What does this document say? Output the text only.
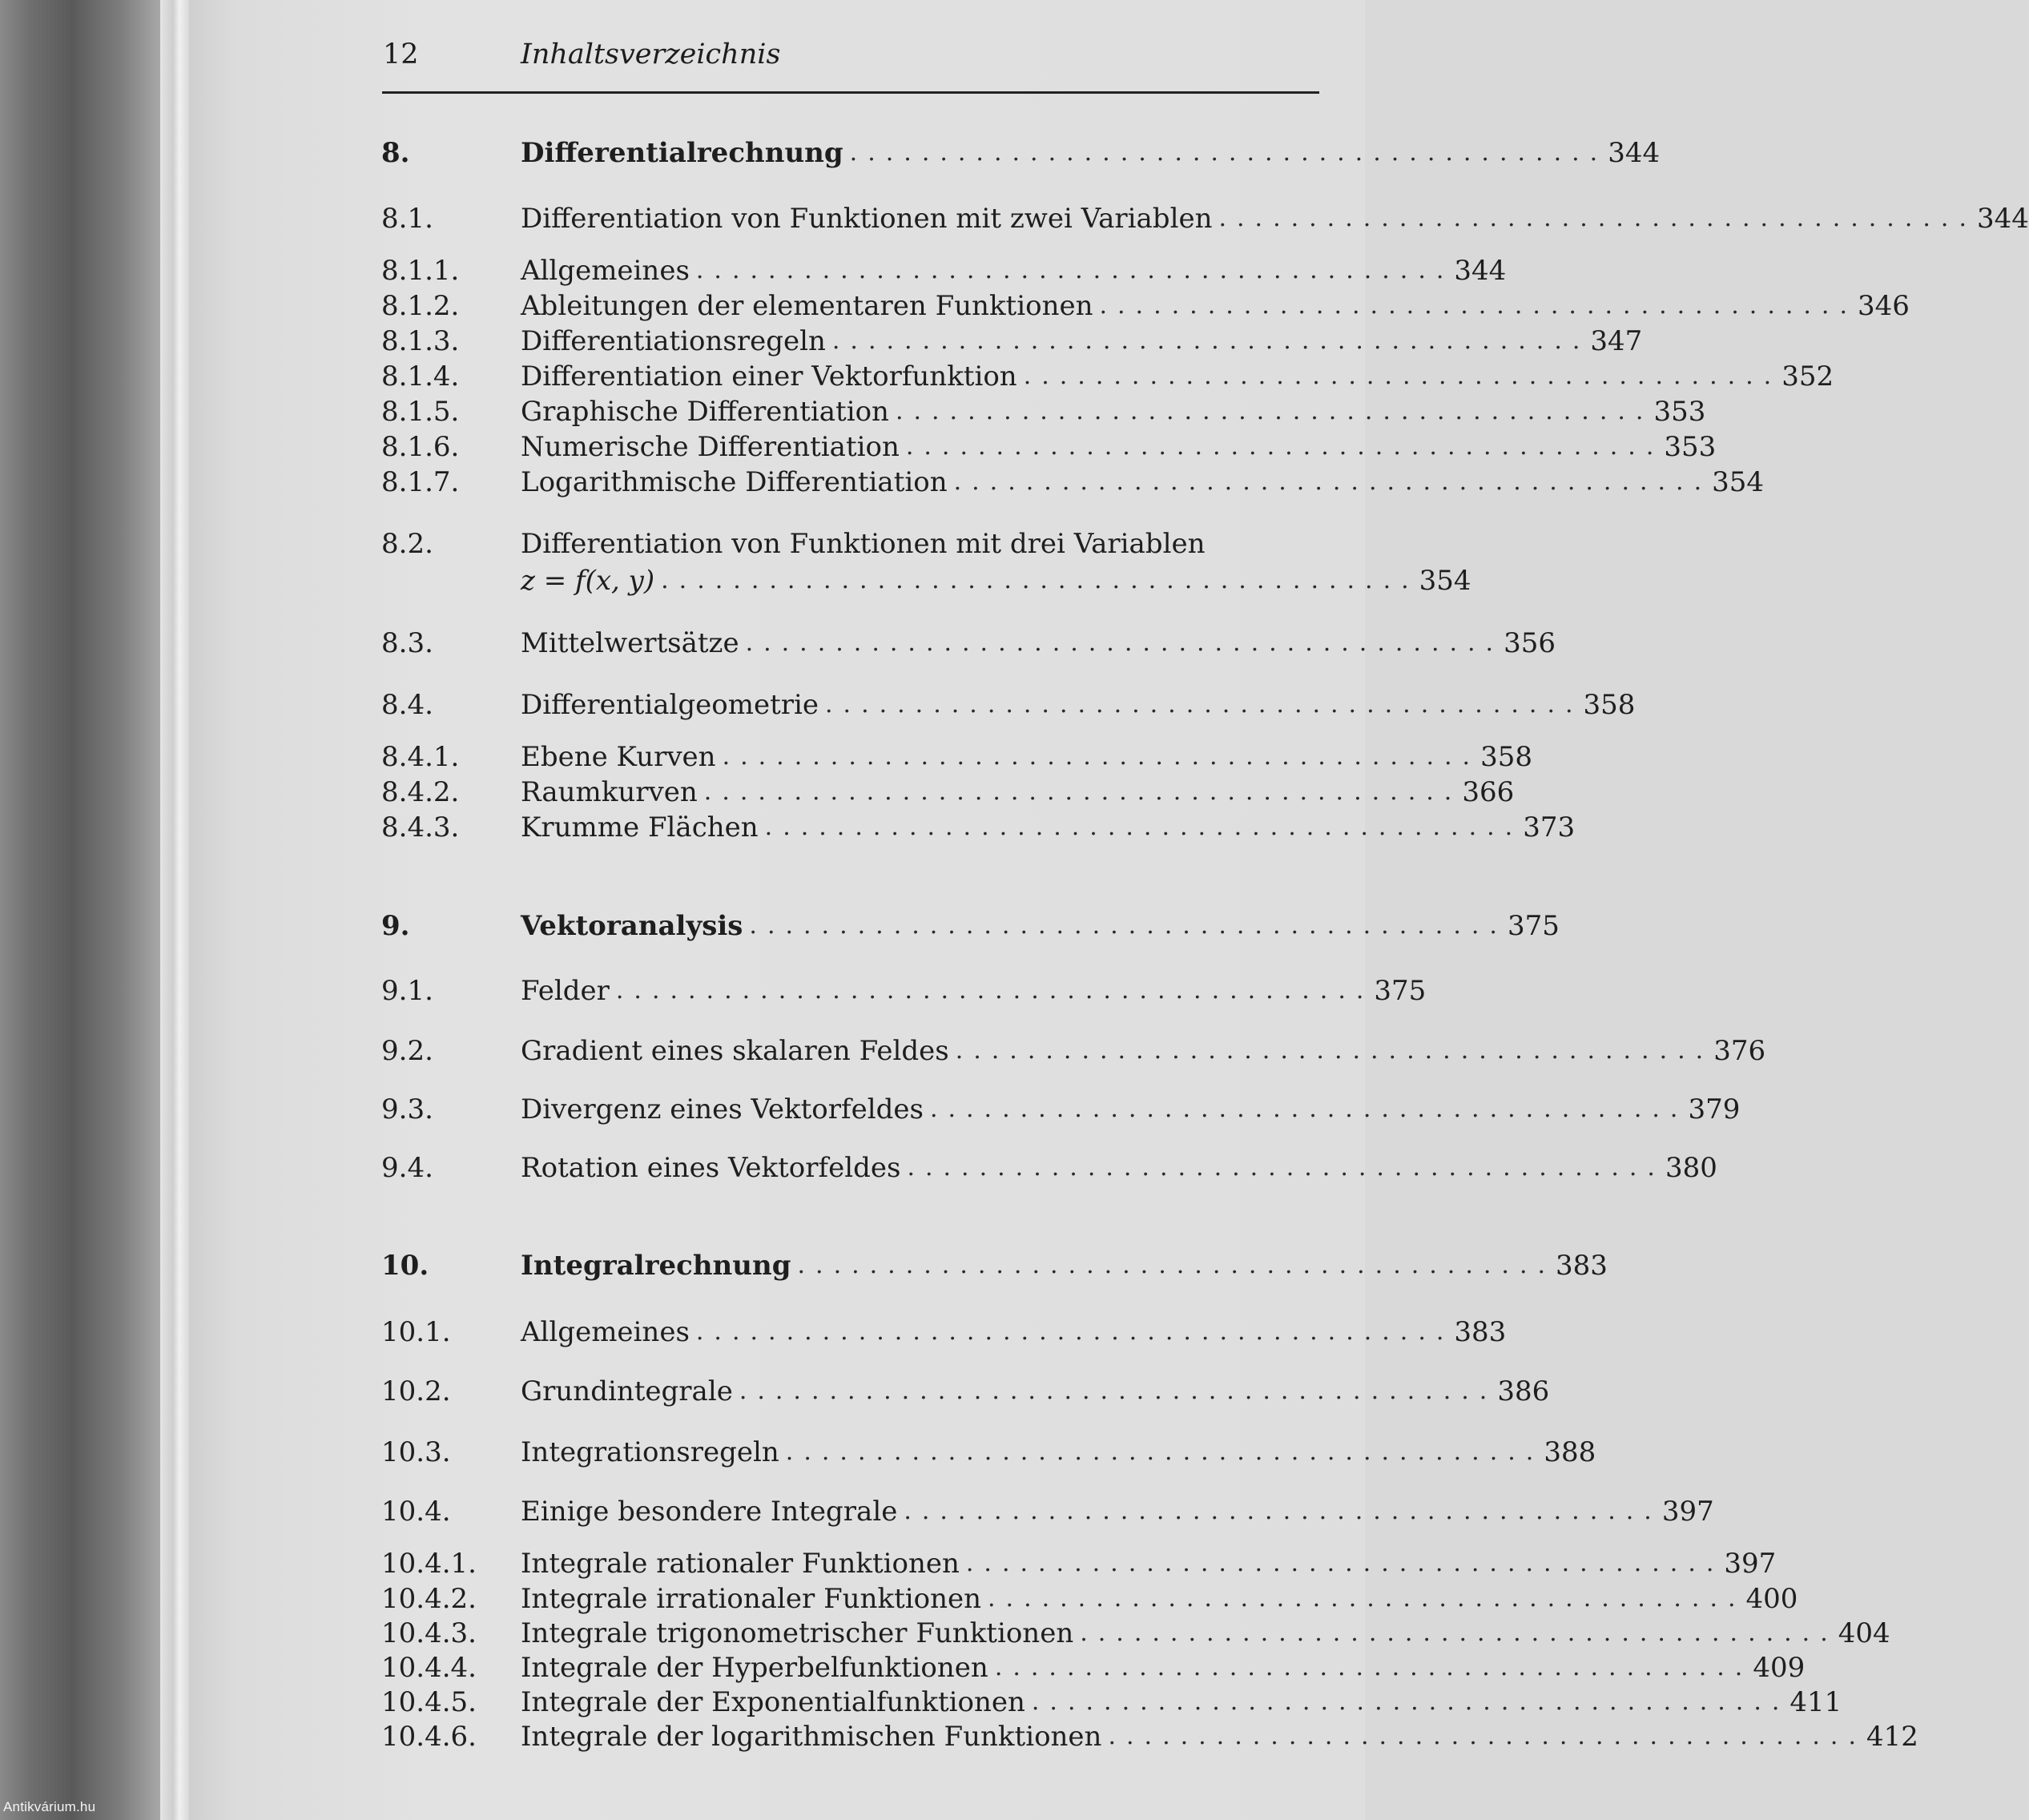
Antikvárium.hu
12	Inhaltsverzeichnis
8.	Differentialrechnung .......................................... 344
8.1.	Differentiation von Funktionen mit zwei Variablen .......................................... 344
8.1.1. Allgemeines .......................................... 344
8.1.2. Ableitungen der elementaren Funktionen .......................................... 346
8.1.3. Differentiationsregeln .......................................... 347
8.1.4. Differentiation einer Vektorfunktion .......................................... 352
8.1.5. Graphische Differentiation .......................................... 353
8.1.6. Numerische Differentiation .......................................... 353
8.1.7. Logarithmische Differentiation .......................................... 354
8.2.	Differentiation von Funktionen mit drei Variablen
z = f(x, y) .......................................... 354
8.3.	Mittelwertsätze .......................................... 356
8.4.	Differentialgeometrie .......................................... 358
8.4.1. Ebene Kurven .......................................... 358
8.4.2. Raumkurven .......................................... 366
8.4.3. Krumme Flächen .......................................... 373
9.	Vektoranalysis .......................................... 375
9.1.	Felder .......................................... 375
9.2.	Gradient eines skalaren Feldes .......................................... 376
9.3.	Divergenz eines Vektorfeldes .......................................... 379
9.4.	Rotation eines Vektorfeldes .......................................... 380
10.	Integralrechnung .......................................... 383
10.1.	Allgemeines .......................................... 383
10.2.	Grundintegrale .......................................... 386
10.3.	Integrationsregeln .......................................... 388
10.4.	Einige besondere Integrale .......................................... 397
10.4.1. Integrale rationaler Funktionen .......................................... 397
10.4.2. Integrale irrationaler Funktionen .......................................... 400
10.4.3. Integrale trigonometrischer Funktionen .......................................... 404
10.4.4. Integrale der Hyperbelfunktionen .......................................... 409
10.4.5. Integrale der Exponentialfunktionen .......................................... 411
10.4.6. Integrale der logarithmischen Funktionen .......................................... 412
